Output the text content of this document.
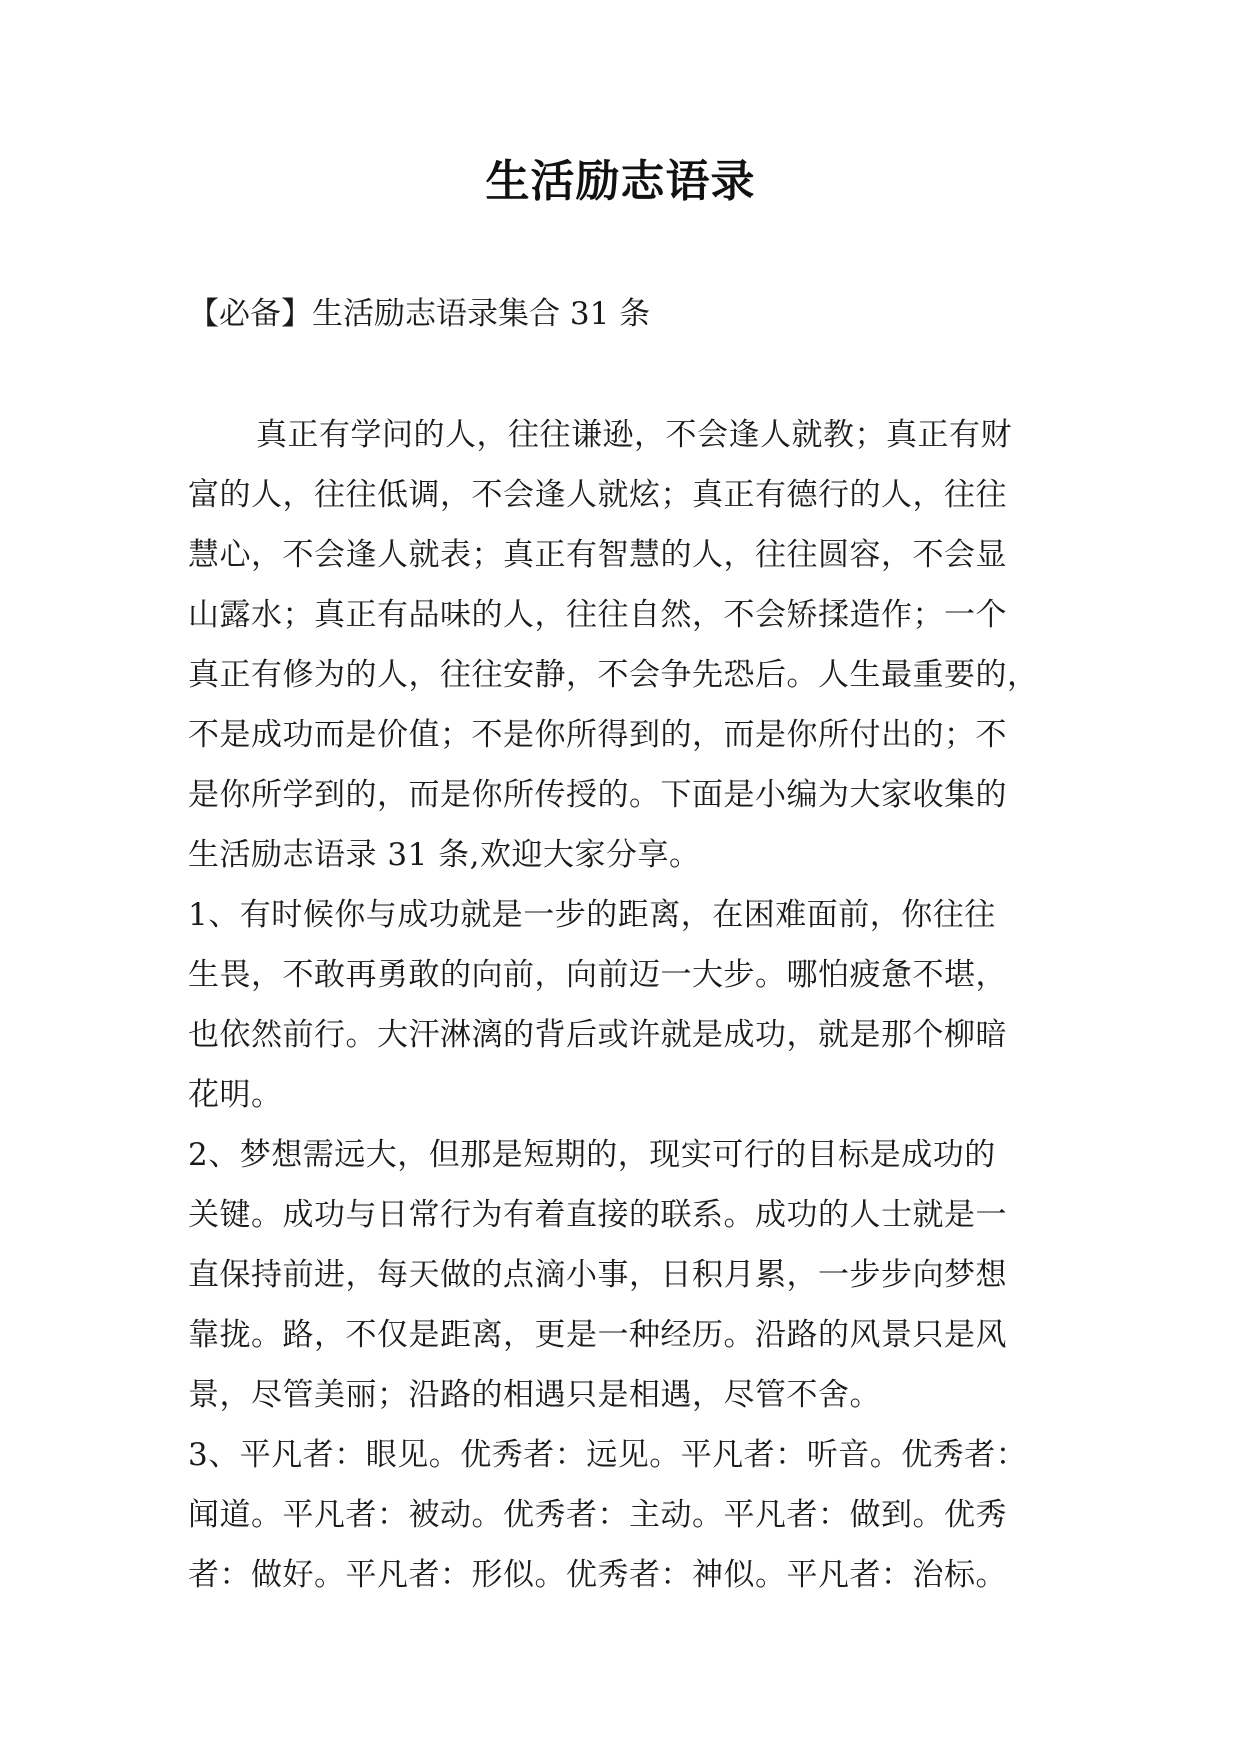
生活励志语录
【必备】生活励志语录集合 31 条
真正有学问的人，往往谦逊，不会逢人就教；真正有财
富的人，往往低调，不会逢人就炫；真正有德行的人，往往
慧心，不会逢人就表；真正有智慧的人，往往圆容，不会显
山露水；真正有品味的人，往往自然，不会矫揉造作；一个
真正有修为的人，往往安静，不会争先恐后。人生最重要的，
不是成功而是价值；不是你所得到的，而是你所付出的；不
是你所学到的，而是你所传授的。下面是小编为大家收集的
生活励志语录 31 条,欢迎大家分享。
1、有时候你与成功就是一步的距离，在困难面前，你往往
生畏，不敢再勇敢的向前，向前迈一大步。哪怕疲惫不堪，
也依然前行。大汗淋漓的背后或许就是成功，就是那个柳暗
花明。
2、梦想需远大，但那是短期的，现实可行的目标是成功的
关键。成功与日常行为有着直接的联系。成功的人士就是一
直保持前进，每天做的点滴小事，日积月累，一步步向梦想
靠拢。路，不仅是距离，更是一种经历。沿路的风景只是风
景，尽管美丽；沿路的相遇只是相遇，尽管不舍。
3、平凡者：眼见。优秀者：远见。平凡者：听音。优秀者：
闻道。平凡者：被动。优秀者：主动。平凡者：做到。优秀
者：做好。平凡者：形似。优秀者：神似。平凡者：治标。
